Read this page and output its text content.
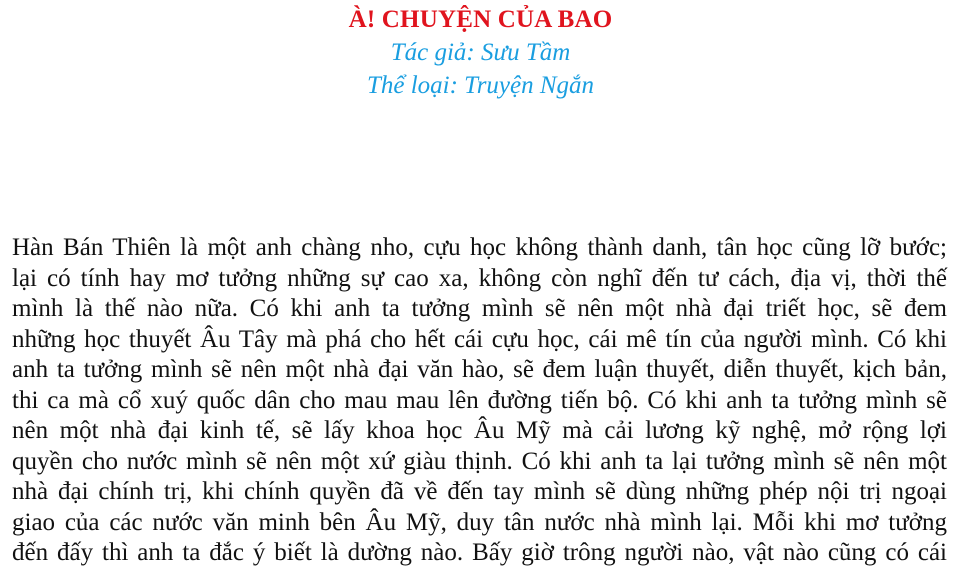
À! CHUYỆN CỦA BAO
Tác giả: Sưu Tầm
Thể loại: Truyện Ngắn
Hàn Bán Thiên là một anh chàng nho, cựu học không thành danh, tân học cũng lỡ bước;
lại có tính hay mơ tưởng những sự cao xa, không còn nghĩ đến tư cách, địa vị, thời thế
mình là thế nào nữa. Có khi anh ta tưởng mình sẽ nên một nhà đại triết học, sẽ đem
những học thuyết Âu Tây mà phá cho hết cái cựu học, cái mê tín của người mình. Có khi
anh ta tưởng mình sẽ nên một nhà đại văn hào, sẽ đem luận thuyết, diễn thuyết, kịch bản,
thi ca mà cổ xuý quốc dân cho mau mau lên đường tiến bộ. Có khi anh ta tưởng mình sẽ
nên một nhà đại kinh tế, sẽ lấy khoa học Âu Mỹ mà cải lương kỹ nghệ, mở rộng lợi
quyền cho nước mình sẽ nên một xứ giàu thịnh. Có khi anh ta lại tưởng mình sẽ nên một
nhà đại chính trị, khi chính quyền đã về đến tay mình sẽ dùng những phép nội trị ngoại
giao của các nước văn minh bên Âu Mỹ, duy tân nước nhà mình lại. Mỗi khi mơ tưởng
đến đấy thì anh ta đắc ý biết là dường nào. Bấy giờ trông người nào, vật nào cũng có cái
